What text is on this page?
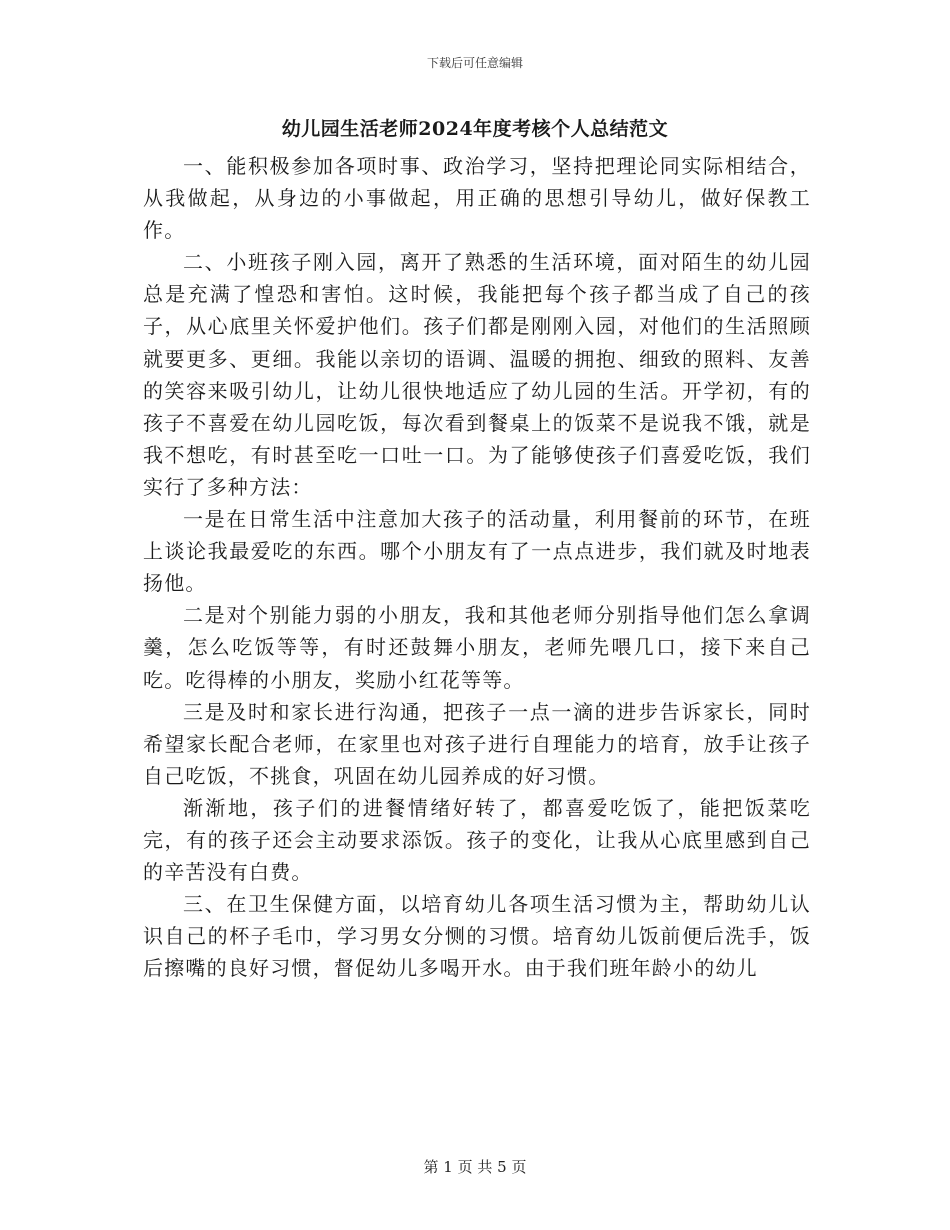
下载后可任意编辑
幼儿园生活老师2024年度考核个人总结范文

一、能积极参加各项时事、政治学习，坚持把理论同实际相结合，从我做起，从身边的小事做起，用正确的思想引导幼儿，做好保教工作。

二、小班孩子刚入园，离开了熟悉的生活环境，面对陌生的幼儿园总是充满了惶恐和害怕。这时候，我能把每个孩子都当成了自己的孩子，从心底里关怀爱护他们。孩子们都是刚刚入园，对他们的生活照顾就要更多、更细。我能以亲切的语调、温暖的拥抱、细致的照料、友善的笑容来吸引幼儿，让幼儿很快地适应了幼儿园的生活。开学初，有的孩子不喜爱在幼儿园吃饭，每次看到餐桌上的饭菜不是说我不饿，就是我不想吃，有时甚至吃一口吐一口。为了能够使孩子们喜爱吃饭，我们实行了多种方法：

一是在日常生活中注意加大孩子的活动量，利用餐前的环节，在班上谈论我最爱吃的东西。哪个小朋友有了一点点进步，我们就及时地表扬他。

二是对个别能力弱的小朋友，我和其他老师分别指导他们怎么拿调羹，怎么吃饭等等，有时还鼓舞小朋友，老师先喂几口，接下来自己吃。吃得棒的小朋友，奖励小红花等等。

三是及时和家长进行沟通，把孩子一点一滴的进步告诉家长，同时希望家长配合老师，在家里也对孩子进行自理能力的培育，放手让孩子自己吃饭，不挑食，巩固在幼儿园养成的好习惯。

渐渐地，孩子们的进餐情绪好转了，都喜爱吃饭了，能把饭菜吃完，有的孩子还会主动要求添饭。孩子的变化，让我从心底里感到自己的辛苦没有白费。

三、在卫生保健方面，以培育幼儿各项生活习惯为主，帮助幼儿认识自己的杯子毛巾，学习男女分恻的习惯。培育幼儿饭前便后洗手，饭后擦嘴的良好习惯，督促幼儿多喝开水。由于我们班年龄小的幼儿

第 1 页 共 5 页
